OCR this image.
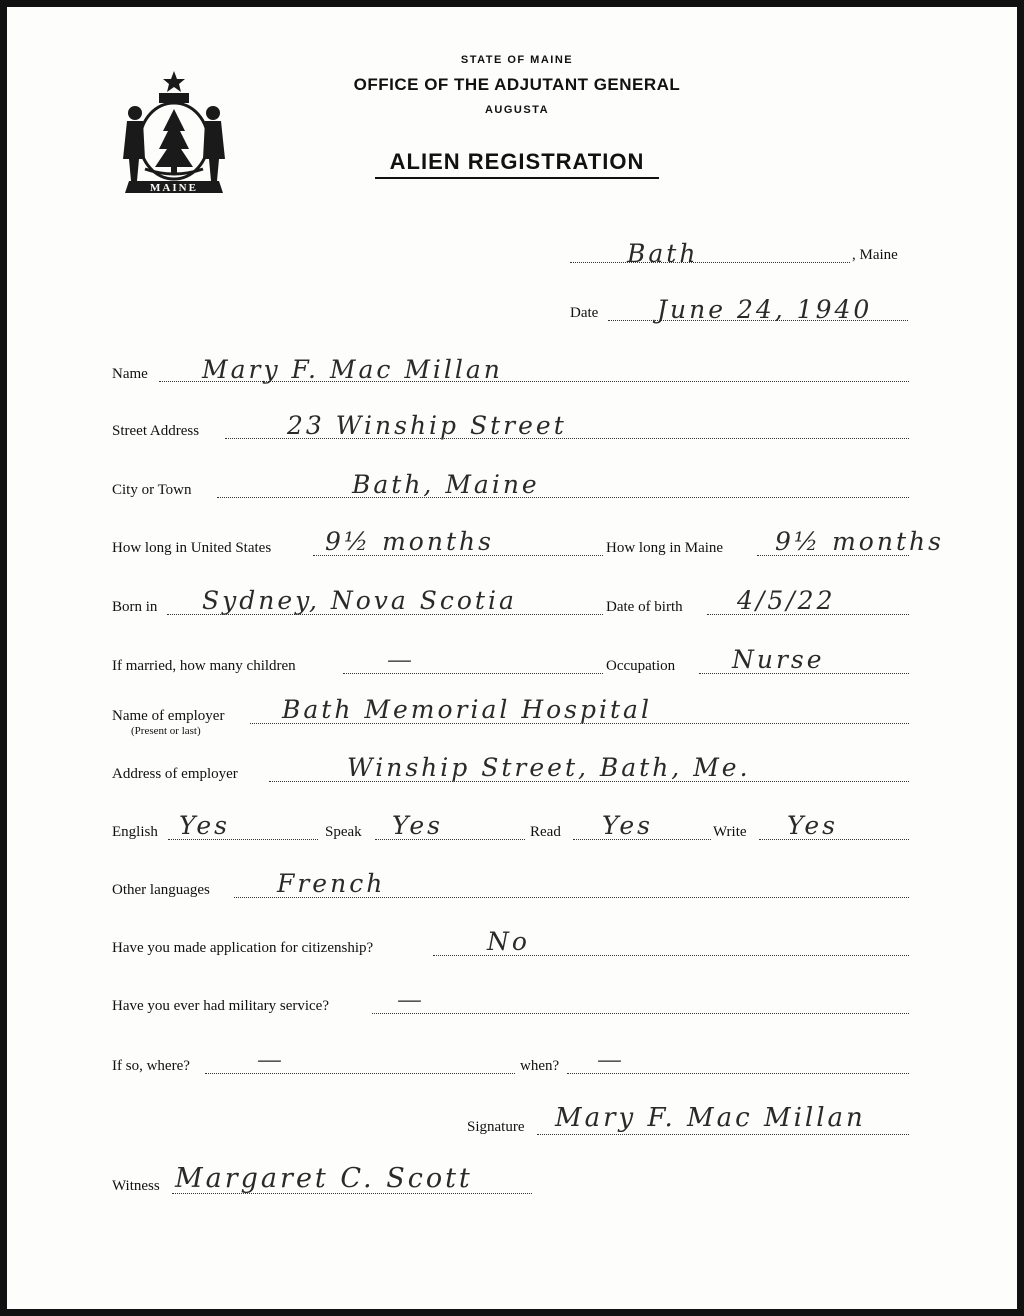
MAINE
STATE OF MAINE
OFFICE OF THE ADJUTANT GENERAL
AUGUSTA
ALIEN REGISTRATION
Bath	, Maine
Date June 24, 1940
Name Mary F. Mac Millan
Street Address	23 Winship Street
City or Town	Bath, Maine
How long in United States 9½ months	How long in Maine 9½ months
Born in Sydney, Nova Scotia	Date of birth 4/5/22
If married, how many children	—	Occupation Nurse
Name of employer
(Present or last)
Bath Memorial Hospital
Address of employer	Winship Street, Bath, Me.
English Yes	Speak Yes	Read Yes	Write Yes
Other languages	French
Have you made application for citizenship?	No
Have you ever had military service?	—
If so, where?	—	when? —
Signature Mary F. Mac Millan
Witness Margaret C. Scott
